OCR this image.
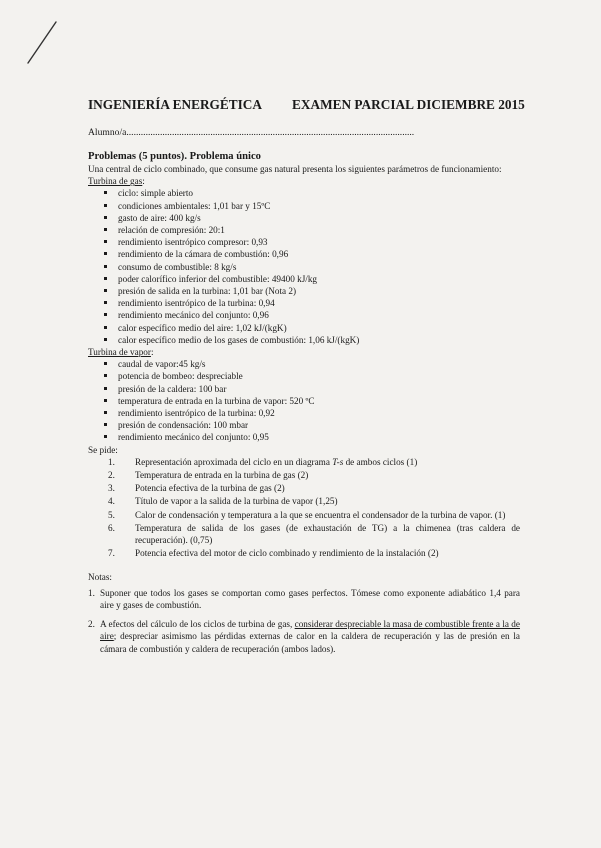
INGENIERÍA ENERGÉTICA EXAMEN PARCIAL DICIEMBRE 2015
Alumno/a........................................................................................................................
Problemas (5 puntos). Problema único
Una central de ciclo combinado, que consume gas natural presenta los siguientes parámetros de funcionamiento:
Turbina de gas:
ciclo: simple abierto
condiciones ambientales: 1,01 bar y 15ºC
gasto de aire: 400 kg/s
relación de compresión: 20:1
rendimiento isentrópico compresor: 0,93
rendimiento de la cámara de combustión: 0,96
consumo de combustible: 8 kg/s
poder calorífico inferior del combustible: 49400 kJ/kg
presión de salida en la turbina: 1,01 bar (Nota 2)
rendimiento isentrópico de la turbina: 0,94
rendimiento mecánico del conjunto: 0,96
calor específico medio del aire: 1,02 kJ/(kgK)
calor específico medio de los gases de combustión: 1,06 kJ/(kgK)
Turbina de vapor:
caudal de vapor:45 kg/s
potencia de bombeo: despreciable
presión de la caldera: 100 bar
temperatura de entrada en la turbina de vapor: 520 ºC
rendimiento isentrópico de la turbina: 0,92
presión de condensación: 100 mbar
rendimiento mecánico del conjunto: 0,95
Se pide:
1.	Representación aproximada del ciclo en un diagrama T-s de ambos ciclos (1)
2.	Temperatura de entrada en la turbina de gas (2)
3.	Potencia efectiva de la turbina de gas (2)
4.	Título de vapor a la salida de la turbina de vapor (1,25)
5.	Calor de condensación y temperatura a la que se encuentra el condensador de la turbina de vapor. (1)
6.	Temperatura de salida de los gases (de exhaustación de TG) a la chimenea (tras caldera de recuperación). (0,75)
7.	Potencia efectiva del motor de ciclo combinado y rendimiento de la instalación (2)
Notas:
1. Suponer que todos los gases se comportan como gases perfectos. Tómese como exponente adiabático 1,4 para aire y gases de combustión.
2. A efectos del cálculo de los ciclos de turbina de gas, considerar despreciable la masa de combustible frente a la de aire; despreciar asimismo las pérdidas externas de calor en la caldera de recuperación y las de presión en la cámara de combustión y caldera de recuperación (ambos lados).
